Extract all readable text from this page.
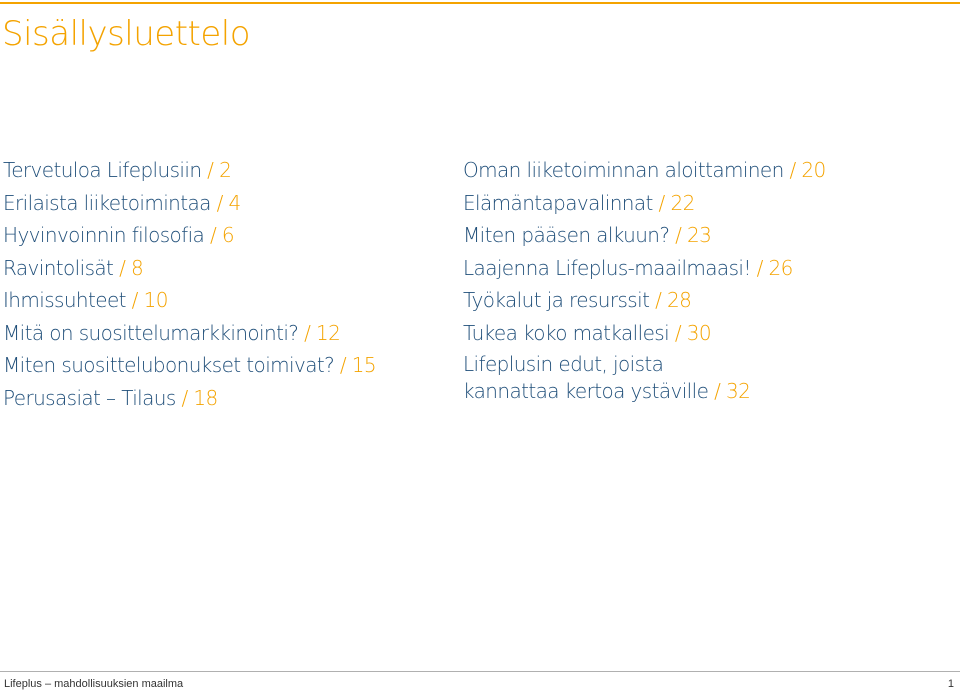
Sisällysluettelo
Tervetuloa Lifeplusiin / 2
Erilaista liiketoimintaa / 4
Hyvinvoinnin filosofia / 6
Ravintolisät / 8
Ihmissuhteet / 10
Mitä on suosittelumarkkinointi? / 12
Miten suosittelubonukset toimivat? / 15
Perusasiat – Tilaus / 18
Oman liiketoiminnan aloittaminen / 20
Elämäntapavalinnat / 22
Miten pääsen alkuun? / 23
Laajenna Lifeplus-maailmaasi! / 26
Työkalut ja resurssit / 28
Tukea koko matkallesi / 30
Lifeplusin edut, joista
kannattaa kertoa ystäville / 32
Lifeplus – mahdollisuuksien maailma	1
